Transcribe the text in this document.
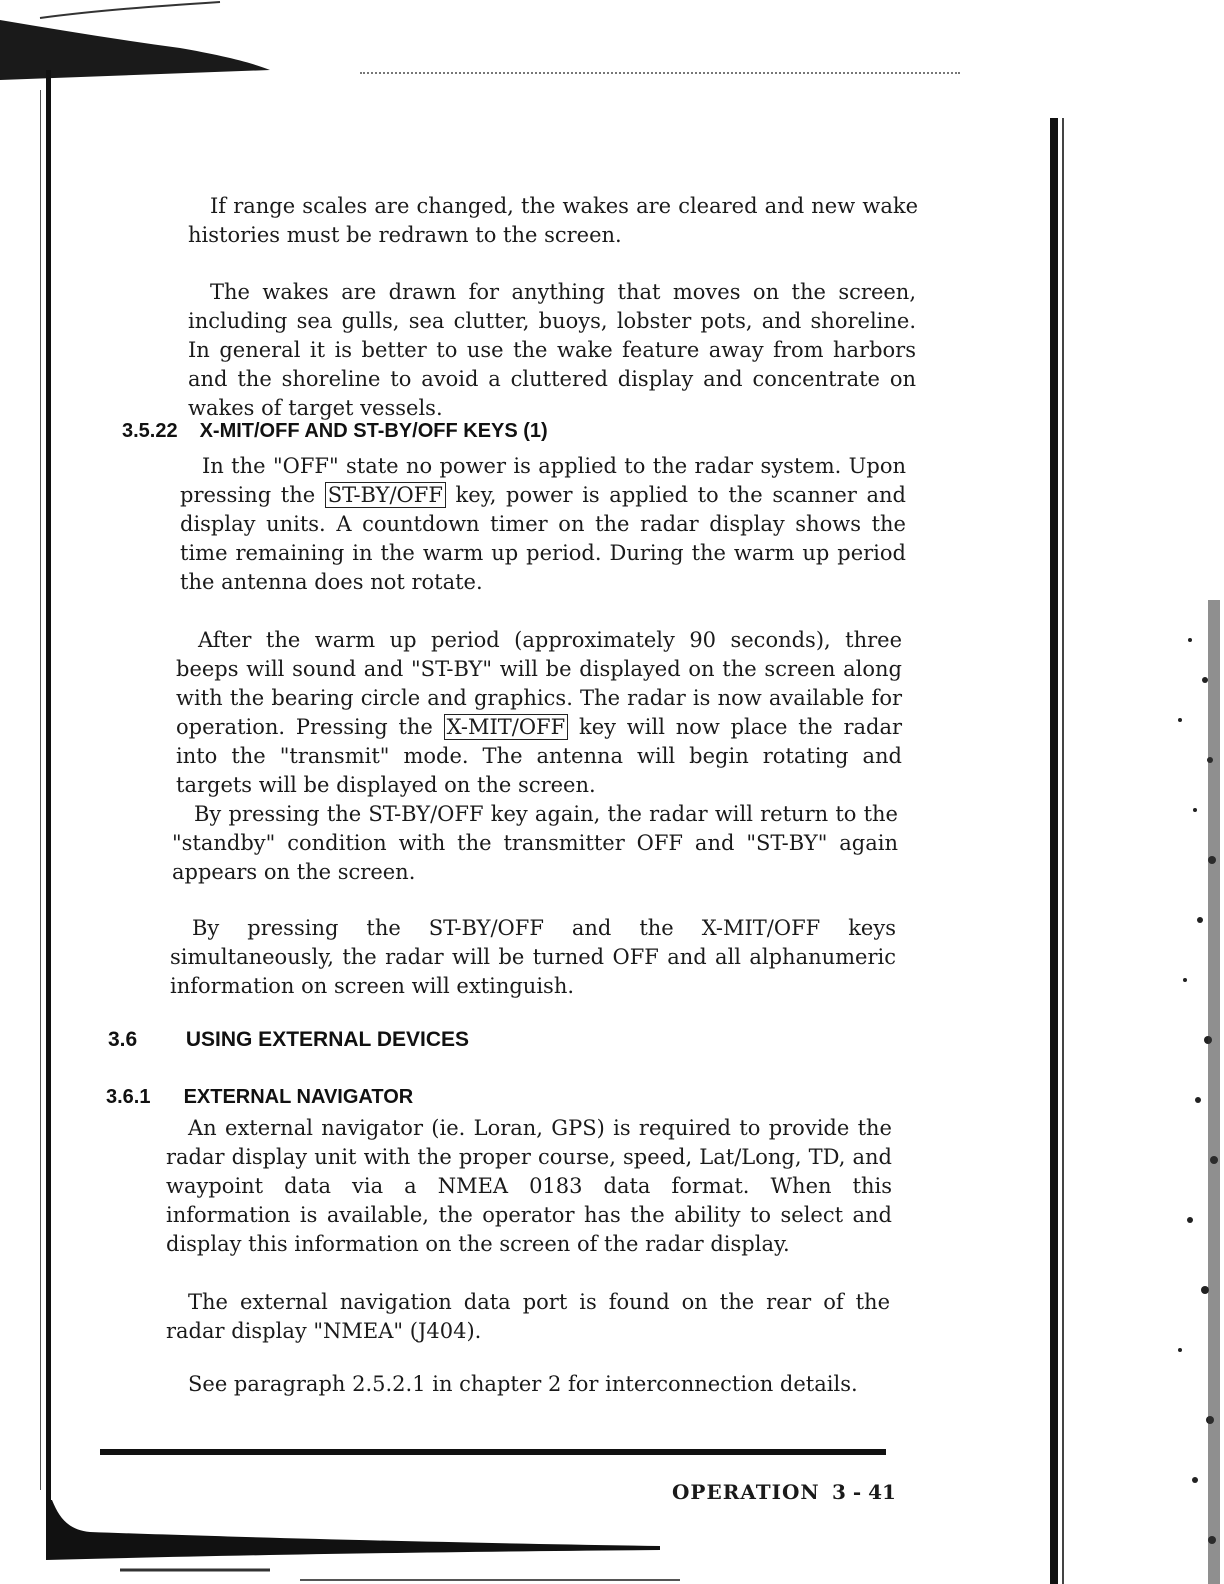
If range scales are changed, the wakes are cleared and new wake histories must be redrawn to the screen.

The wakes are drawn for anything that moves on the screen, including sea gulls, sea clutter, buoys, lobster pots, and shoreline. In general it is better to use the wake feature away from harbors and the shoreline to avoid a cluttered display and concentrate on wakes of target vessels.

3.5.22 X-MIT/OFF AND ST-BY/OFF KEYS (1)

In the "OFF" state no power is applied to the radar system. Upon pressing the ST-BY/OFF key, power is applied to the scanner and display units. A countdown timer on the radar display shows the time remaining in the warm up period. During the warm up period the antenna does not rotate.

After the warm up period (approximately 90 seconds), three beeps will sound and "ST-BY" will be displayed on the screen along with the bearing circle and graphics. The radar is now available for operation. Pressing the X-MIT/OFF key will now place the radar into the "transmit" mode. The antenna will begin rotating and targets will be displayed on the screen.

By pressing the ST-BY/OFF key again, the radar will return to the "standby" condition with the transmitter OFF and "ST-BY" again appears on the screen.

By pressing the ST-BY/OFF and the X-MIT/OFF keys simultaneously, the radar will be turned OFF and all alphanumeric information on screen will extinguish.

3.6 USING EXTERNAL DEVICES
3.6.1 EXTERNAL NAVIGATOR

An external navigator (ie. Loran, GPS) is required to provide the radar display unit with the proper course, speed, Lat/Long, TD, and waypoint data via a NMEA 0183 data format. When this information is available, the operator has the ability to select and display this information on the screen of the radar display.

The external navigation data port is found on the rear of the radar display "NMEA" (J404).

See paragraph 2.5.2.1 in chapter 2 for interconnection details.

OPERATION 3 - 41
